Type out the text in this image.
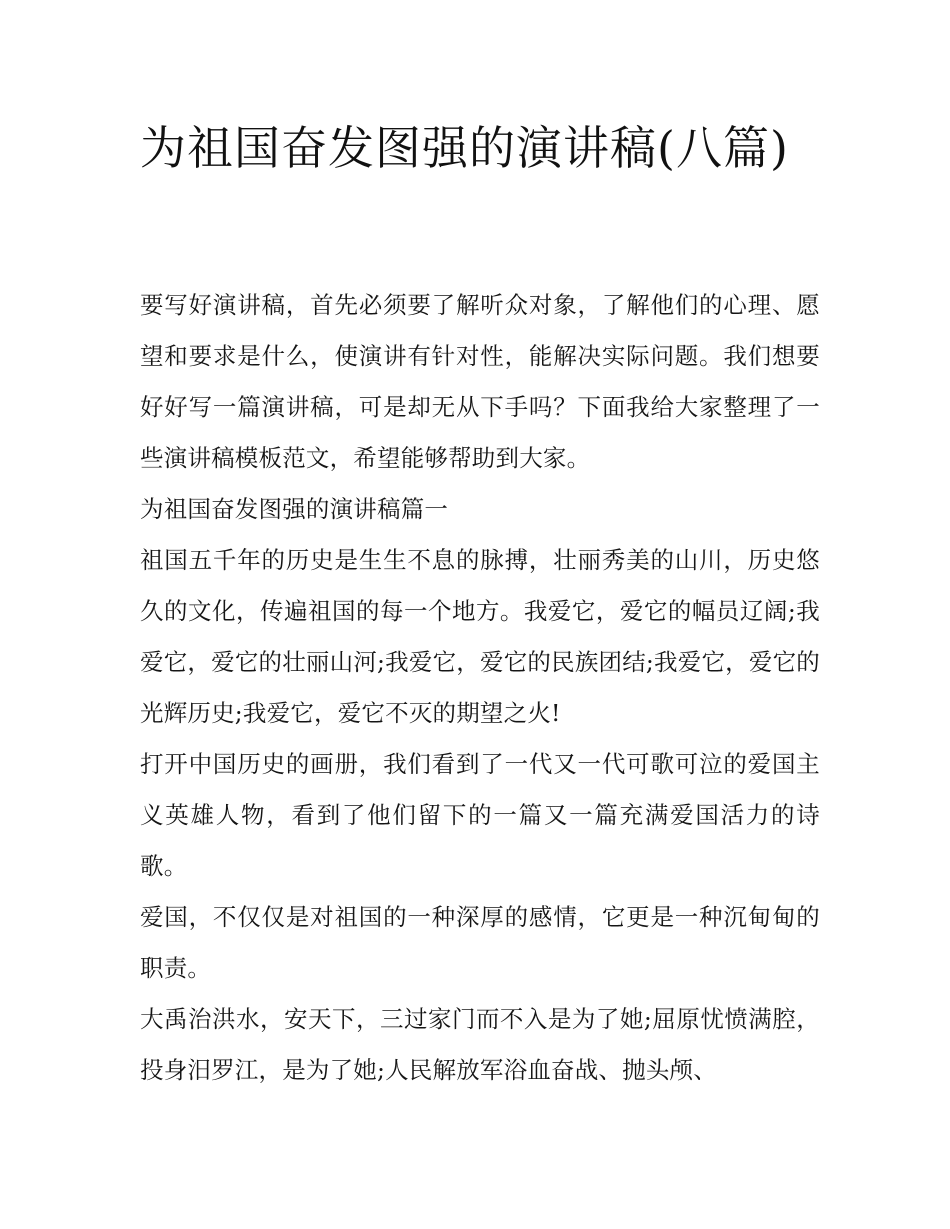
为祖国奋发图强的演讲稿(八篇)

要写好演讲稿，首先必须要了解听众对象，了解他们的心理、愿望和要求是什么，使演讲有针对性，能解决实际问题。我们想要好好写一篇演讲稿，可是却无从下手吗？下面我给大家整理了一些演讲稿模板范文，希望能够帮助到大家。

为祖国奋发图强的演讲稿篇一

祖国五千年的历史是生生不息的脉搏，壮丽秀美的山川，历史悠久的文化，传遍祖国的每一个地方。我爱它，爱它的幅员辽阔;我爱它，爱它的壮丽山河;我爱它，爱它的民族团结;我爱它，爱它的光辉历史;我爱它，爱它不灭的期望之火!

打开中国历史的画册，我们看到了一代又一代可歌可泣的爱国主义英雄人物，看到了他们留下的一篇又一篇充满爱国活力的诗歌。

爱国，不仅仅是对祖国的一种深厚的感情，它更是一种沉甸甸的职责。

大禹治洪水，安天下，三过家门而不入是为了她;屈原忧愤满腔，投身汨罗江，是为了她;人民解放军浴血奋战、抛头颅、
